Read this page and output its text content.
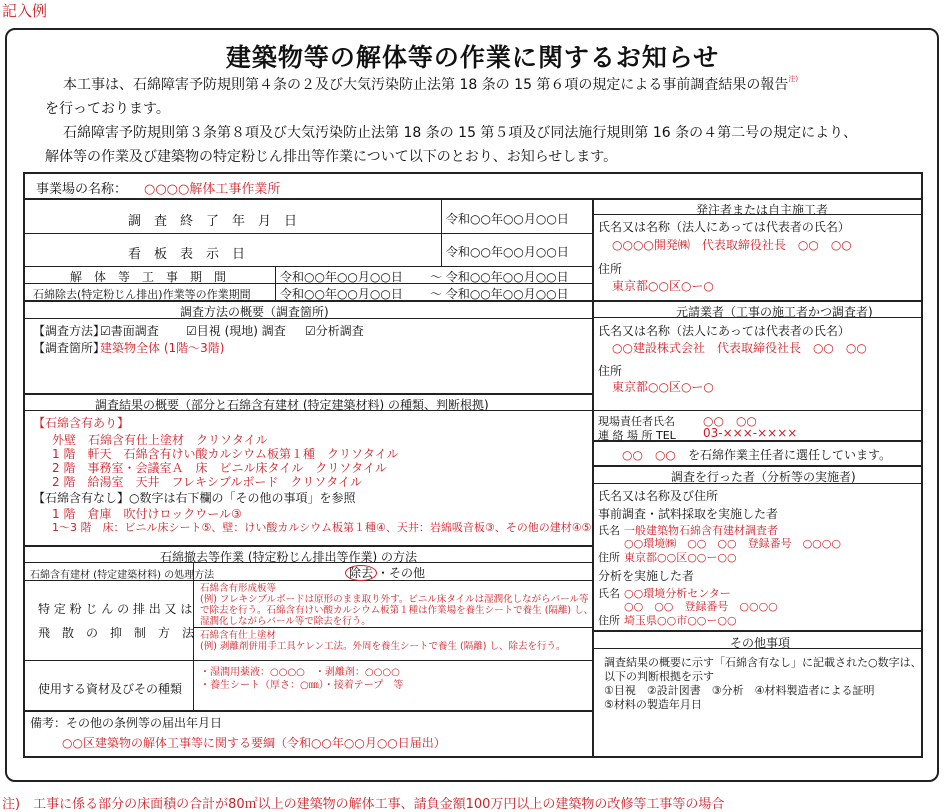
記入例
建築物等の解体等の作業に関するお知らせ
本工事は、石綿障害予防規則第４条の２及び大気汚染防止法第 18 条の 15 第６項の規定による事前調査結果の報告$^{注)}$
を行っております。
石綿障害予防規則第３条第８項及び大気汚染防止法第 18 条の 15 第５項及び同法施行規則第 16 条の４第二号の規定により、
解体等の作業及び建築物の特定粉じん排出等作業について以下のとおり、お知らせします。
事業場の名称： ○○○○解体工事作業所
調　査　終　了　年　月　日	令和○○年○○月○○日
看　板　表　示　日	令和○○年○○月○○日
解　体　等　工　事　期　間	令和○○年○○月○○日 ～ 令和○○年○○月○○日
石綿除去(特定粉じん排出)作業等の作業期間 令和○○年○○月○○日 ～ 令和○○年○○月○○日
調査方法の概要（調査箇所)
【調査方法】
☑書面調査 ☑目視 (現地) 調査 ☑分析調査
【調査箇所】
建築物全体 (1階～3階)
調査結果の概要（部分と石綿含有建材 (特定建築材料) の種類、判断根拠)
【石綿含有あり】
外壁　石綿含有仕上塗材　クリソタイル
1 階　軒天　石綿含有けい酸カルシウム板第１種　クリソタイル
2 階　事務室・会議室Ａ　床　ビニル床タイル　クリソタイル
2 階　給湯室　天井　フレキシブルボード　クリソタイル
【石綿含有なし】○数字は右下欄の「その他の事項」を参照
1 階　倉庫　吹付けロックウール③
1～3 階　床：ビニル床シート⑤、壁：けい酸カルシウム板第１種④、天井：岩綿吸音板③、その他の建材④⑤
石綿撤去等作業 (特定粉じん排出等作業) の方法
石綿含有建材 (特定建築材料) の処理方法	除去 ・その他
特 定 粉 じ ん の 排 出 又 は
飛　散　の　抑　制　方　法
石綿含有形成板等
(例) フレキシブルボードは原形のまま取り外す。ビニル床タイルは湿潤化しながらバール等
で除去を行う。石綿含有けい酸カルシウム板第１種は作業場を養生シートで養生 (隔離) し、
湿潤化しながらバール等で除去を行う。
石綿含有仕上塗材
(例) 剥離剤併用手工具ケレン工法。外周を養生シートで養生 (隔離) し、除去を行う。
使用する資材及びその種類
・湿潤用薬液：○○○○　・剥離剤：○○○○
・養生シート（厚さ：○㎜）・接着テープ　等
備考：その他の条例等の届出年月日
○○区建築物の解体工事等に関する要綱（令和○○年○○月○○日届出）
発注者または自主施工者
氏名又は名称（法人にあっては代表者の氏名）
○○○○開発㈱　代表取締役社長　○○　○○
住所
東京都○○区○ー○
元請業者（工事の施工者かつ調査者)
氏名又は名称（法人にあっては代表者の氏名）
○○建設株式会社　代表取締役社長　○○　○○
住所
東京都○○区○ー○
現場責任者氏名 ○○　○○
連 絡 場 所 TEL 03-×××-××××
○○　○○ を石綿作業主任者に選任しています。
調査を行った者（分析等の実施者)
氏名又は名称及び住所
事前調査・試料採取を実施した者
氏名 一般建築物石綿含有建材調査者
○○環境㈱　○○　○○　登録番号　○○○○
住所 東京都○○区○○ー○○
分析を実施した者
氏名 ○○環境分析センター
○○　○○　登録番号　○○○○
住所 埼玉県○○市○○ー○○
その他事項
調査結果の概要に示す「石綿含有なし」に記載された○数字は、
以下の判断根拠を示す
①目視　②設計図書　③分析　④材料製造者による証明
⑤材料の製造年月日
注)　工事に係る部分の床面積の合計が80㎡以上の建築物の解体工事、請負金額100万円以上の建築物の改修等工事等の場合
